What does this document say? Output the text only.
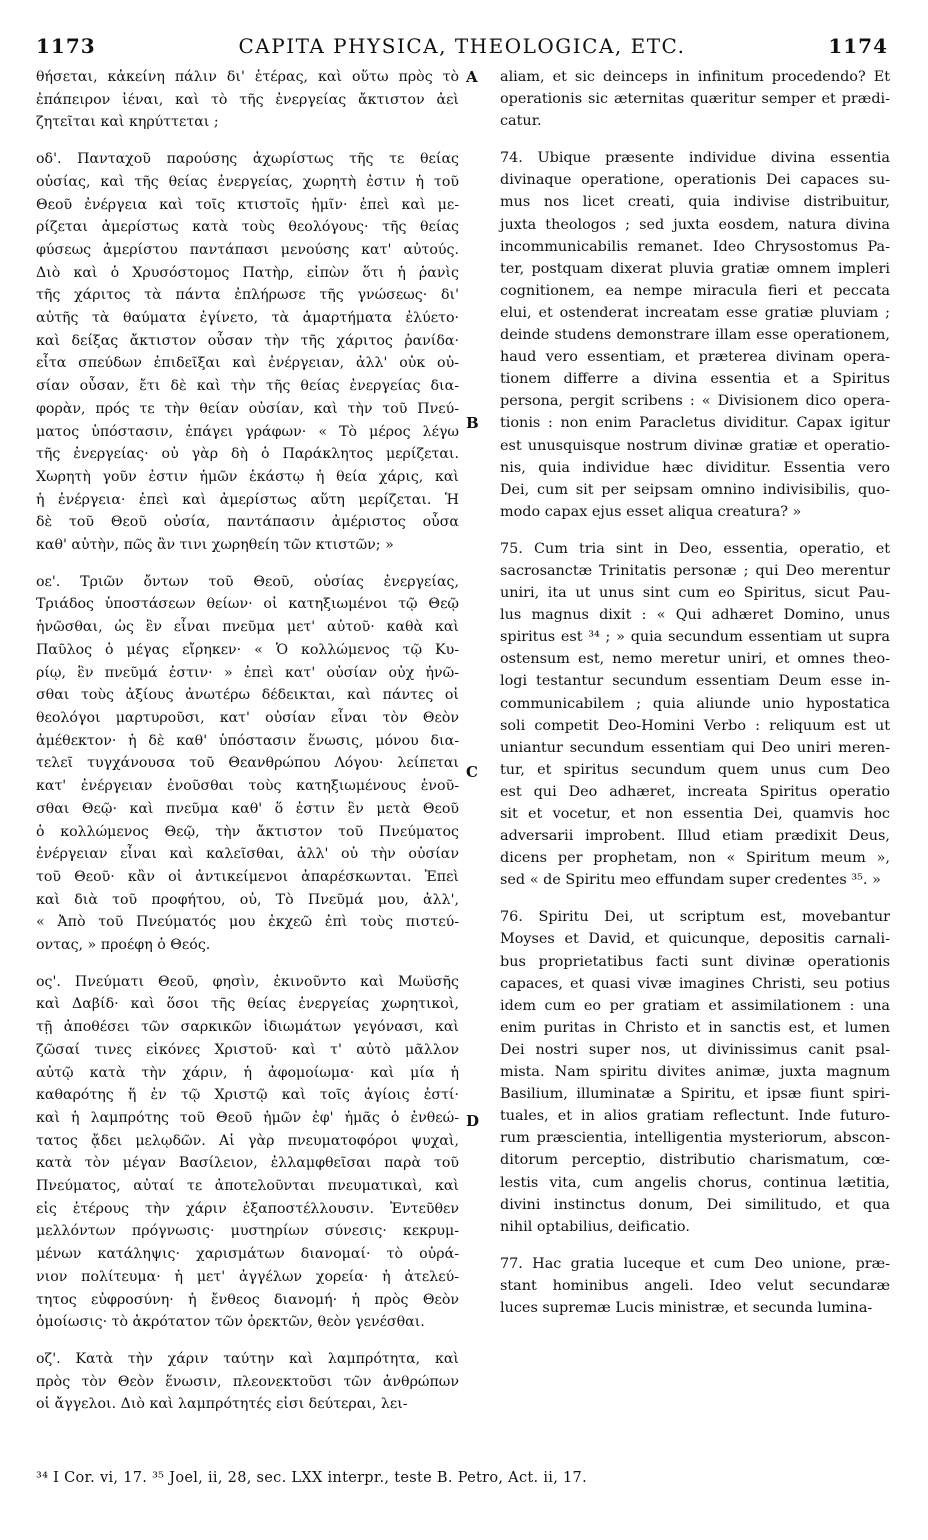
1173	CAPITA PHYSICA, THEOLOGICA, ETC.	1174
θήσεται, κἀκείνη πάλιν δι' ἑτέρας, καὶ οὕτω πρὸς τὸ
ἐπάπειρον ἰέναι, καὶ τὸ τῆς ἐνεργείας ἄκτιστον ἀεὶ
ζητεῖται καὶ κηρύττεται ;
οδ'. Πανταχοῦ παρούσης ἀχωρίστως τῆς τε θείας
οὐσίας, καὶ τῆς θείας ἐνεργείας, χωρητὴ ἐστιν ἡ τοῦ
Θεοῦ ἐνέργεια καὶ τοῖς κτιστοῖς ἡμῖν· ἐπεὶ καὶ με-
ρίζεται ἀμερίστως κατὰ τοὺς θεολόγους· τῆς θείας
φύσεως ἀμερίστου παντάπασι μενούσης κατ' αὐτούς.
Διὸ καὶ ὁ Χρυσόστομος Πατὴρ, εἰπὼν ὅτι ἡ ῥανὶς
τῆς χάριτος τὰ πάντα ἐπλήρωσε τῆς γνώσεως· δι'
αὐτῆς τὰ θαύματα ἐγίνετο, τὰ ἁμαρτήματα ἐλύετο·
καὶ δείξας ἄκτιστον οὖσαν τὴν τῆς χάριτος ῥανίδα·
εἶτα σπεύδων ἐπιδεῖξαι καὶ ἐνέργειαν, ἀλλ' οὐκ οὐ-
σίαν οὖσαν, ἔτι δὲ καὶ τὴν τῆς θείας ἐνεργείας δια-
φορὰν, πρός τε τὴν θείαν οὐσίαν, καὶ τὴν τοῦ Πνεύ-
ματος ὑπόστασιν, ἐπάγει γράφων· « Τὸ μέρος λέγω
τῆς ἐνεργείας· οὐ γὰρ δὴ ὁ Παράκλητος μερίζεται.
Χωρητὴ γοῦν ἐστιν ἡμῶν ἑκάστῳ ἡ θεία χάρις, καὶ
ἡ ἐνέργεια· ἐπεὶ καὶ ἀμερίστως αὕτη μερίζεται. Ἡ
δὲ τοῦ Θεοῦ οὐσία, παντάπασιν ἀμέριστος οὖσα
καθ' αὑτὴν, πῶς ἂν τινι χωρηθείη τῶν κτιστῶν; »
οε'. Τριῶν ὄντων τοῦ Θεοῦ, οὐσίας ἐνεργείας,
Τριάδος ὑποστάσεων θείων· οἱ κατηξιωμένοι τῷ Θεῷ
ἡνῶσθαι, ὡς ἓν εἶναι πνεῦμα μετ' αὐτοῦ· καθὰ καὶ
Παῦλος ὁ μέγας εἴρηκεν· « Ὁ κολλώμενος τῷ Κυ-
ρίῳ, ἓν πνεῦμά ἐστιν· » ἐπεὶ κατ' οὐσίαν οὐχ ἠνῶ-
σθαι τοὺς ἀξίους ἀνωτέρω δέδεικται, καὶ πάντες οἱ
θεολόγοι μαρτυροῦσι, κατ' οὐσίαν εἶναι τὸν Θεὸν
ἀμέθεκτον· ἡ δὲ καθ' ὑπόστασιν ἕνωσις, μόνου δια-
τελεῖ τυγχάνουσα τοῦ Θεανθρώπου Λόγου· λείπεται
κατ' ἐνέργειαν ἑνοῦσθαι τοὺς κατηξιωμένους ἑνοῦ-
σθαι Θεῷ· καὶ πνεῦμα καθ' ὅ ἐστιν ἓν μετὰ Θεοῦ
ὁ κολλώμενος Θεῷ, τὴν ἄκτιστον τοῦ Πνεύματος
ἐνέργειαν εἶναι καὶ καλεῖσθαι, ἀλλ' οὐ τὴν οὐσίαν
τοῦ Θεοῦ· κἂν οἱ ἀντικείμενοι ἀπαρέσκωνται. Ἐπεὶ
καὶ διὰ τοῦ προφήτου, οὐ, Τὸ Πνεῦμά μου, ἀλλ',
« Ἀπὸ τοῦ Πνεύματός μου ἐκχεῶ ἐπὶ τοὺς πιστεύ-
οντας, » προέφη ὁ Θεός.
ος'. Πνεύματι Θεοῦ, φησὶν, ἐκινοῦντο καὶ Μωϋσῆς
καὶ Δαβίδ· καὶ ὅσοι τῆς θείας ἐνεργείας χωρητικοὶ,
τῇ ἀποθέσει τῶν σαρκικῶν ἰδιωμάτων γεγόνασι, καὶ
ζῶσαί τινες εἰκόνες Χριστοῦ· καὶ τ' αὐτὸ μᾶλλον
αὐτῷ κατὰ τὴν χάριν, ἡ ἀφομοίωμα· καὶ μία ἡ
καθαρότης ἥ ἐν τῷ Χριστῷ καὶ τοῖς ἁγίοις ἐστί·
καὶ ἡ λαμπρότης τοῦ Θεοῦ ἡμῶν ἐφ' ἡμᾶς ὁ ἐνθεώ-
τατος ᾄδει μελῳδῶν. Αἱ γὰρ πνευματοφόροι ψυχαὶ,
κατὰ τὸν μέγαν Βασίλειον, ἐλλαμφθεῖσαι παρὰ τοῦ
Πνεύματος, αὐταί τε ἀποτελοῦνται πνευματικαὶ, καὶ
εἰς ἑτέρους τὴν χάριν ἐξαποστέλλουσιν. Ἐντεῦθεν
μελλόντων πρόγνωσις· μυστηρίων σύνεσις· κεκρυμ-
μένων κατάληψις· χαρισμάτων διανομαί· τὸ οὐρά-
νιον πολίτευμα· ἡ μετ' ἀγγέλων χορεία· ἡ ἀτελεύ-
τητος εὐφροσύνη· ἡ ἔνθεος διανομή· ἡ πρὸς Θεὸν
ὁμοίωσις· τὸ ἀκρότατον τῶν ὀρεκτῶν, θεὸν γενέσθαι.
οζ'. Κατὰ τὴν χάριν ταύτην καὶ λαμπρότητα, καὶ
πρὸς τὸν Θεὸν ἕνωσιν, πλεονεκτοῦσι τῶν ἀνθρώπων
οἱ ἄγγελοι. Διὸ καὶ λαμπρότητές εἰσι δεύτεραι, λει-
aliam, et sic deinceps in infinitum procedendo? Et
operationis sic æternitas quæritur semper et prædi-
catur.
74. Ubique præsente individue divina essentia
divinaque operatione, operationis Dei capaces su-
mus nos licet creati, quia indivise distribuitur,
juxta theologos ; sed juxta eosdem, natura divina
incommunicabilis remanet. Ideo Chrysostomus Pa-
ter, postquam dixerat pluvia gratiæ omnem impleri
cognitionem, ea nempe miracula fieri et peccata
elui, et ostenderat increatam esse gratiæ pluviam ;
deinde studens demonstrare illam esse operationem,
haud vero essentiam, et præterea divinam opera-
tionem differre a divina essentia et a Spiritus
persona, pergit scribens : « Divisionem dico opera-
tionis : non enim Paracletus dividitur. Capax igitur
est unusquisque nostrum divinæ gratiæ et operatio-
nis, quia individue hæc dividitur. Essentia vero
Dei, cum sit per seipsam omnino indivisibilis, quo-
modo capax ejus esset aliqua creatura? »
75. Cum tria sint in Deo, essentia, operatio, et
sacrosanctæ Trinitatis personæ ; qui Deo merentur
uniri, ita ut unus sint cum eo Spiritus, sicut Pau-
lus magnus dixit : « Qui adhæret Domino, unus
spiritus est ³⁴ ; » quia secundum essentiam ut supra
ostensum est, nemo meretur uniri, et omnes theo-
logi testantur secundum essentiam Deum esse in-
communicabilem ; quia aliunde unio hypostatica
soli competit Deo-Homini Verbo : reliquum est ut
uniantur secundum essentiam qui Deo uniri meren-
tur, et spiritus secundum quem unus cum Deo
est qui Deo adhæret, increata Spiritus operatio
sit et vocetur, et non essentia Dei, quamvis hoc
adversarii improbent. Illud etiam prædixit Deus,
dicens per prophetam, non « Spiritum meum »,
sed « de Spiritu meo effundam super credentes ³⁵. »
76. Spiritu Dei, ut scriptum est, movebantur
Moyses et David, et quicunque, depositis carnali-
bus proprietatibus facti sunt divinæ operationis
capaces, et quasi vivæ imagines Christi, seu potius
idem cum eo per gratiam et assimilationem : una
enim puritas in Christo et in sanctis est, et lumen
Dei nostri super nos, ut divinissimus canit psal-
mista. Nam spiritu divites animæ, juxta magnum
Basilium, illuminatæ a Spiritu, et ipsæ fiunt spiri-
tuales, et in alios gratiam reflectunt. Inde futuro-
rum præscientia, intelligentia mysteriorum, abscon-
ditorum perceptio, distributio charismatum, cœ-
lestis vita, cum angelis chorus, continua lætitia,
divini instinctus donum, Dei similitudo, et qua
nihil optabilius, deificatio.
77. Hac gratia luceque et cum Deo unione, præ-
stant hominibus angeli. Ideo velut secundaræ
luces supremæ Lucis ministræ, et secunda lumina-
A
B
C
D
³⁴ I Cor. vi, 17. ³⁵ Joel, ii, 28, sec. LXX interpr., teste B. Petro, Act. ii, 17.
